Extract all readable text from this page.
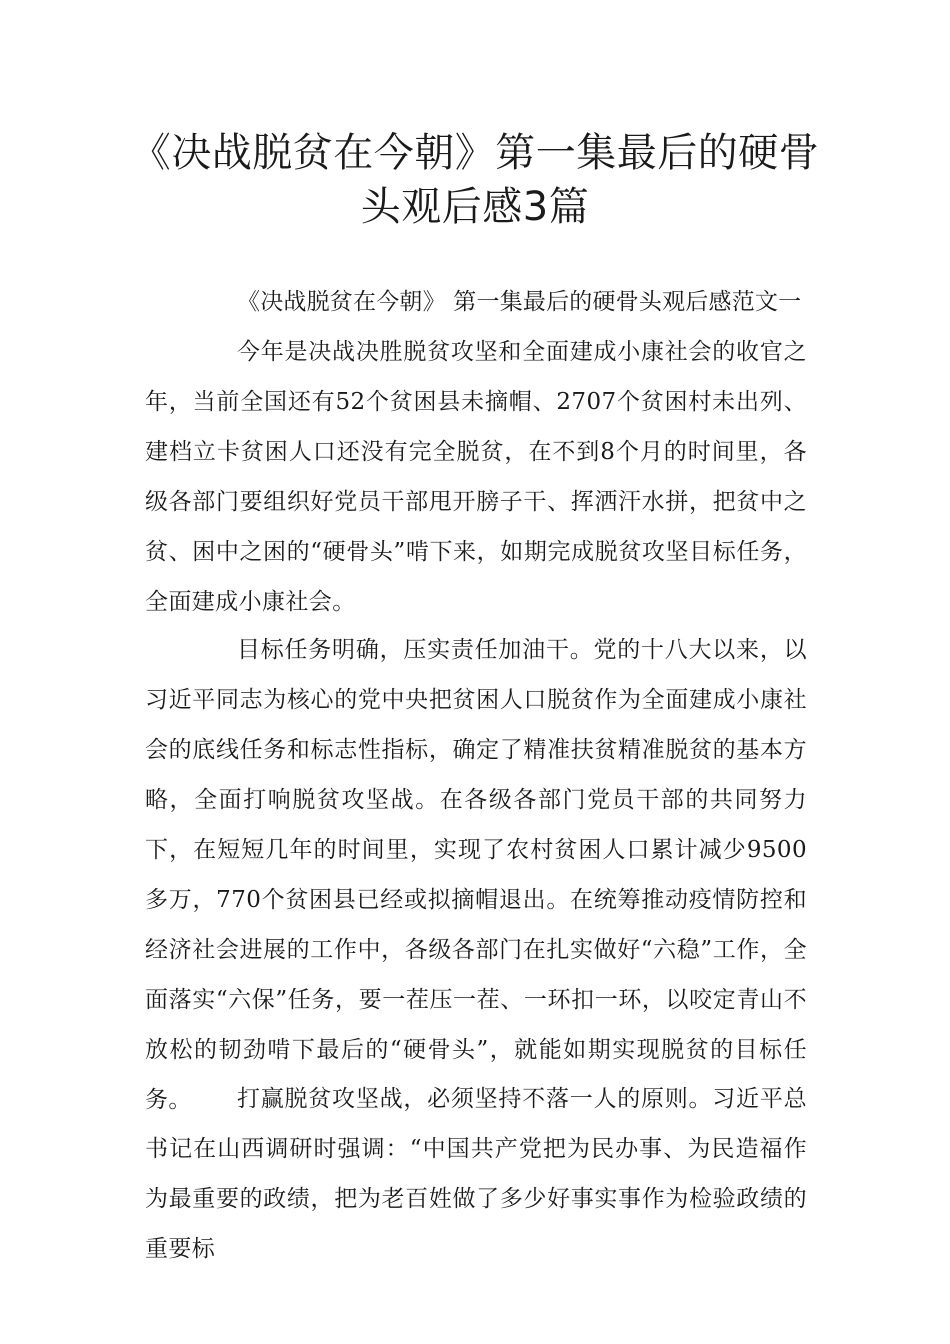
《决战脱贫在今朝》第一集最后的硬骨
头观后感3篇
《决战脱贫在今朝》 第一集最后的硬骨头观后感范文一

今年是决战决胜脱贫攻坚和全面建成小康社会的收官之年，当前全国还有52个贫困县未摘帽、2707个贫困村未出列、建档立卡贫困人口还没有完全脱贫，在不到8个月的时间里，各级各部门要组织好党员干部甩开膀子干、挥洒汗水拼，把贫中之贫、困中之困的“硬骨头”啃下来，如期完成脱贫攻坚目标任务，全面建成小康社会。

目标任务明确，压实责任加油干。党的十八大以来，以习近平同志为核心的党中央把贫困人口脱贫作为全面建成小康社会的底线任务和标志性指标，确定了精准扶贫精准脱贫的基本方略，全面打响脱贫攻坚战。在各级各部门党员干部的共同努力下，在短短几年的时间里，实现了农村贫困人口累计减少9500多万，770个贫困县已经或拟摘帽退出。在统筹推动疫情防控和经济社会进展的工作中，各级各部门在扎实做好“六稳”工作，全面落实“六保”任务，要一茬压一茬、一环扣一环，以咬定青山不放松的韧劲啃下最后的“硬骨头”，就能如期实现脱贫的目标任务。	打赢脱贫攻坚战，必须坚持不落一人的原则。习近平总书记在山西调研时强调：“中国共产党把为民办事、为民造福作为最重要的政绩，把为老百姓做了多少好事实事作为检验政绩的重要标
